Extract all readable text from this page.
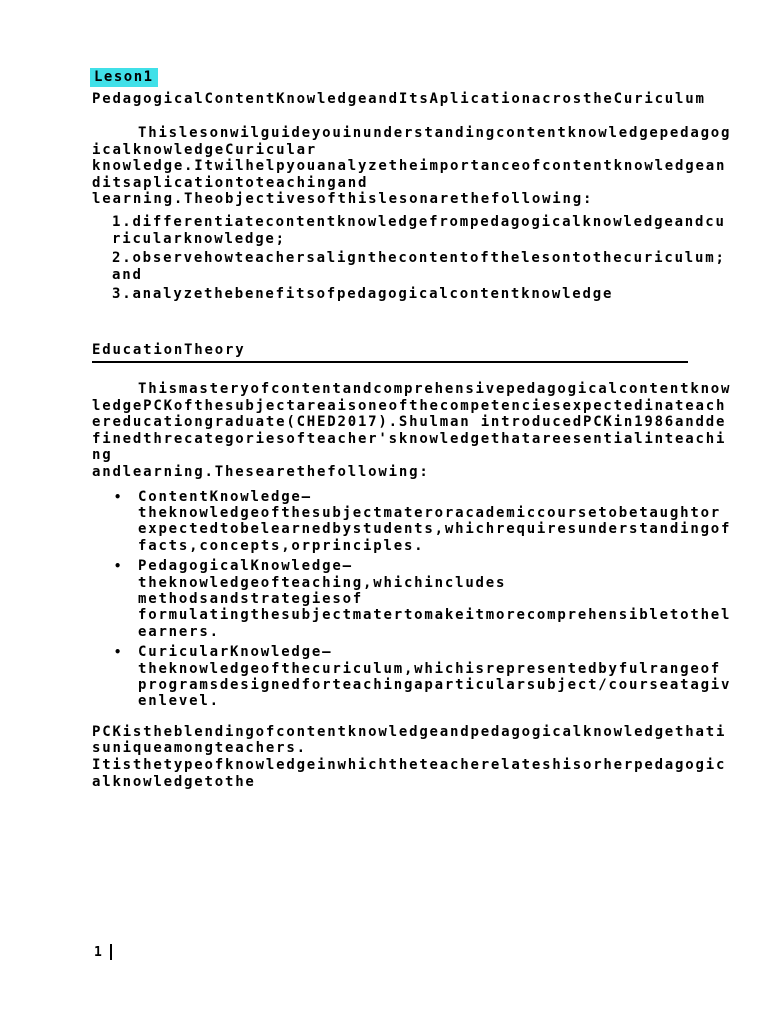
Leson1
PedagogicalContentKnowledgeandItsAplicationacrostheCuriculum

ThislesonwilguideyouinunderstandingcontentknowledgepedagogicalknowledgeCuricular

knowledge.Itwilhelpyouanalyzetheimportanceofcontentknowledgeanditsaplicationtoteachingand

learning.Theobjectivesofthislesonarethefollowing:

1.differentiatecontentknowledgefrompedagogicalknowledgeandcuricularknowledge;
2.observehowteachersalignthecontentofthelesontothecuriculum;and
3.analyzethebenefitsofpedagogicalcontentknowledge
EducationTheory

ThismasteryofcontentandcomprehensivepedagogicalcontentknowledgePCKofthesubjectareaisoneofthecompetenciesexpectedinateachereducationgraduate(CHED2017).Shulman introducedPCKin1986anddefinedthrecategoriesofteacher'sknowledgethatareesentialinteaching

andlearning.Thesearethefollowing:

• ContentKnowledge–
theknowledgeofthesubjectmateroracademiccoursetobetaughtor
expectedtobelearnedbystudents,whichrequiresunderstandingoffacts,concepts,orprinciples.
• PedagogicalKnowledge–
theknowledgeofteaching,whichincludes
methodsandstrategiesof
formulatingthesubjectmatertomakeitmorecomprehensibletothelearners.
• CuricularKnowledge–
theknowledgeofthecuriculum,whichisrepresentedbyfulrangeof
programsdesignedforteachingaparticularsubject/courseatagivenlevel.

PCKistheblendingofcontentknowledgeandpedagogicalknowledgethatisuniqueamongteachers.

Itisthetypeofknowledgeinwhichtheteacherelateshisorherpedagogicalknowledgetothe

1
